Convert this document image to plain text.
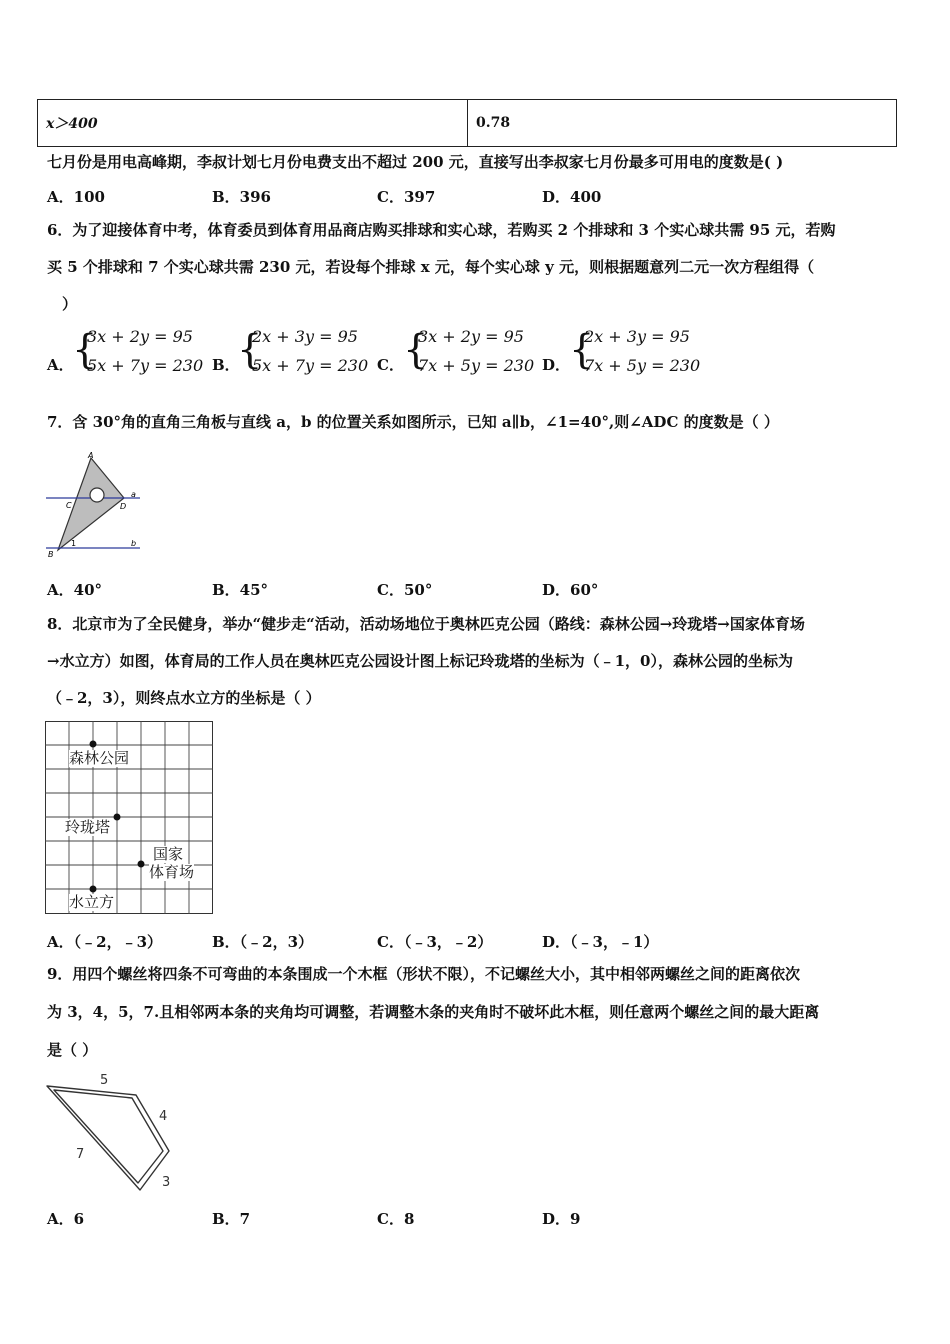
x＞400	0.78
七月份是用电高峰期，李叔计划七月份电费支出不超过 200 元，直接写出李叔家七月份最多可用电的度数是( )
A．100	B．396	C．397	D．400
6．为了迎接体育中考，体育委员到体育用品商店购买排球和实心球，若购买 2 个排球和 3 个实心球共需 95 元，若购
买 5 个排球和 7 个实心球共需 230 元，若设每个排球 x 元，每个实心球 y 元，则根据题意列二元一次方程组得（
）
A．
{
3x + 2y = 95
5x + 7y = 230 B．
{
2x + 3y = 95
5x + 7y = 230 C． {
3x + 2y = 95
7x + 5y = 230 D．
{
2x + 3y = 95
7x + 5y = 230
7．含 30°角的直角三角板与直线 a，b 的位置关系如图所示，已知 a∥b，∠1=40°,则∠ADC 的度数是（ ）
A
C	D
a
b
B
1
A．40°	B．45°	C．50°	D．60°
8．北京市为了全民健身，举办“健步走“活动，活动场地位于奥林匹克公园（路线：森林公园→玲珑塔→国家体育场
→水立方）如图，体育局的工作人员在奥林匹克公园设计图上标记玲珑塔的坐标为（﹣1，0），森林公园的坐标为
（﹣2，3），则终点水立方的坐标是（ ）
森林公园
玲珑塔
国家
体育场
水立方
A．（﹣2，﹣3）	B．（﹣2，3）	C．（﹣3，﹣2）	D．（﹣3，﹣1）
9．用四个螺丝将四条不可弯曲的本条围成一个木框（形状不限），不记螺丝大小，其中相邻两螺丝之间的距离依次
为 3，4，5，7.且相邻两本条的夹角均可调整，若调整木条的夹角时不破坏此木框，则任意两个螺丝之间的最大距离
是（ ）
5
4
7
3
A．6	B．7	C．8	D．9
